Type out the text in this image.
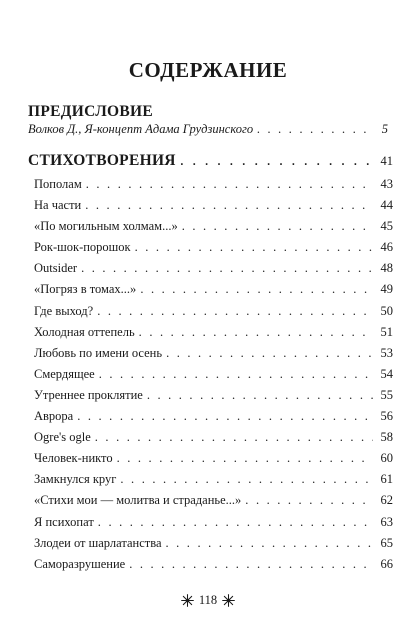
СОДЕРЖАНИЕ
ПРЕДИСЛОВИЕ
Волков Д., Я-концепт Адама Грудзинского . . .	5
СТИХОТВОРЕНИЯ . . .	41
Пополам . . .	43
На части . . .	44
«По могильным холмам...» . . .	45
Рок-шок-порошок . . .	46
Outsider . . .	48
«Погряз в томах...» . . .	49
Где выход? . . .	50
Холодная оттепель . . .	51
Любовь по имени осень . . .	53
Смердящее . . .	54
Утреннее проклятие . . .	55
Аврора . . .	56
Ogre's ogle . . .	58
Человек-никто . . .	60
Замкнулся круг . . .	61
«Стихи мои — молитва и страданье...» . . .	62
Я психопат . . .	63
Злодеи от шарлатанства . . .	65
Саморазрушение . . .	66
118
